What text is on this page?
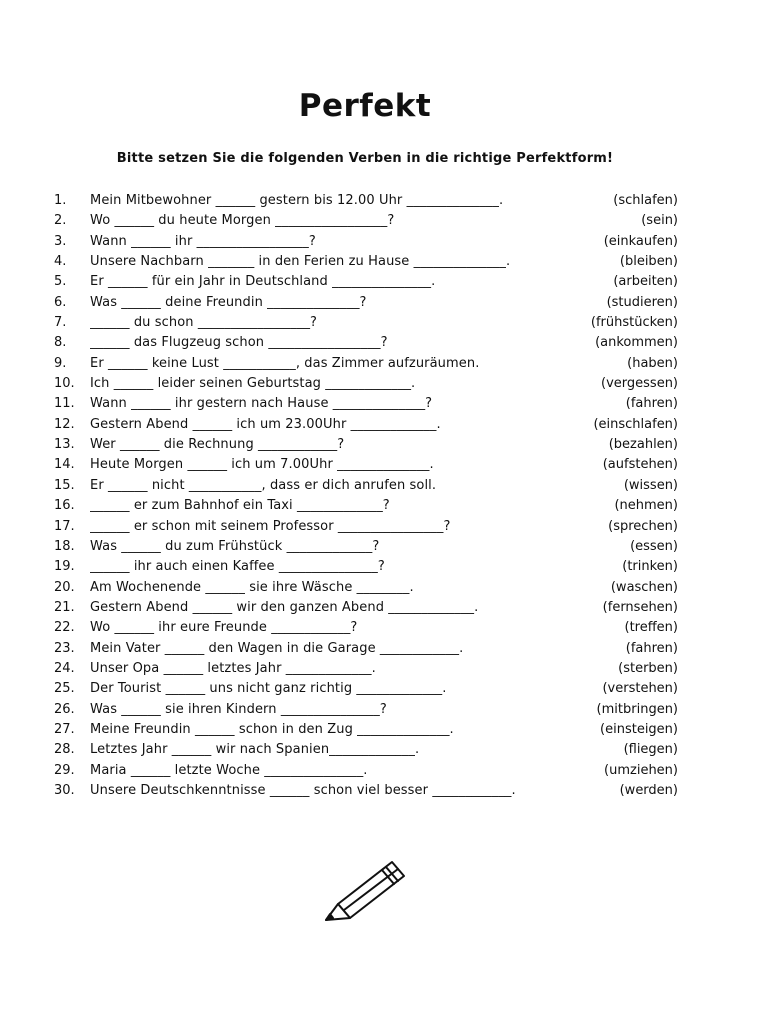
Perfekt

Bitte setzen Sie die folgenden Verben in die richtige Perfektform!

1.	Mein Mitbewohner ______ gestern bis 12.00 Uhr ______________.	(schlafen)
2.	Wo ______ du heute Morgen _________________?	(sein)
3.	Wann ______ ihr _________________?	(einkaufen)
4.	Unsere Nachbarn _______ in den Ferien zu Hause ______________.	(bleiben)
5.	Er ______ für ein Jahr in Deutschland _______________.	(arbeiten)
6.	Was ______ deine Freundin ______________?	(studieren)
7.	______ du schon _________________?	(frühstücken)
8.	______ das Flugzeug schon _________________?	(ankommen)
9.	Er ______ keine Lust ___________, das Zimmer aufzuräumen.	(haben)
10.	Ich ______ leider seinen Geburtstag _____________.	(vergessen)
11.	Wann ______ ihr gestern nach Hause ______________?	(fahren)
12.	Gestern Abend ______ ich um 23.00Uhr _____________.	(einschlafen)
13.	Wer ______ die Rechnung ____________?	(bezahlen)
14.	Heute Morgen ______ ich um 7.00Uhr ______________.	(aufstehen)
15.	Er ______ nicht ___________, dass er dich anrufen soll.	(wissen)
16.	______ er zum Bahnhof ein Taxi _____________?	(nehmen)
17.	______ er schon mit seinem Professor ________________?	(sprechen)
18.	Was ______ du zum Frühstück _____________?	(essen)
19.	______ ihr auch einen Kaffee _______________?	(trinken)
20.	Am Wochenende ______ sie ihre Wäsche ________.	(waschen)
21.	Gestern Abend ______ wir den ganzen Abend _____________.	(fernsehen)
22.	Wo ______ ihr eure Freunde ____________?	(treffen)
23.	Mein Vater ______ den Wagen in die Garage ____________.	(fahren)
24.	Unser Opa ______ letztes Jahr _____________.	(sterben)
25.	Der Tourist ______ uns nicht ganz richtig _____________.	(verstehen)
26.	Was ______ sie ihren Kindern _______________?	(mitbringen)
27.	Meine Freundin ______ schon in den Zug ______________.	(einsteigen)
28.	Letztes Jahr ______ wir nach Spanien_____________.	(fliegen)
29.	Maria ______ letzte Woche _______________.	(umziehen)
30.	Unsere Deutschkenntnisse ______ schon viel besser ____________.	(werden)
